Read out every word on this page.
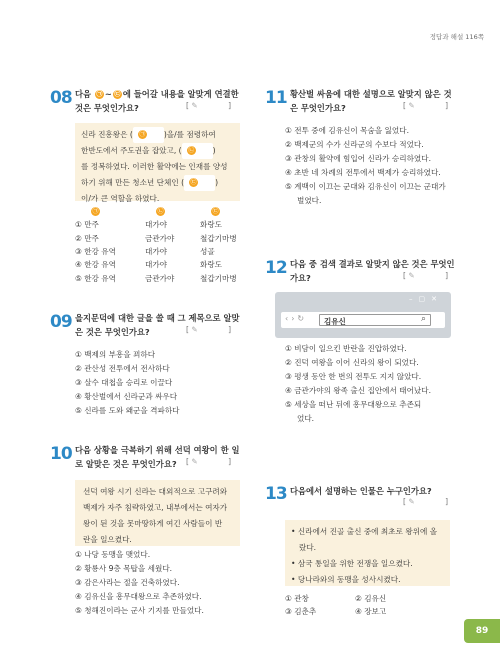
정답과 해설 116쪽
08 다음 ㉠ ~ ㉢ 에 들어갈 내용을 알맞게 연결한
것은 무엇인가요?	[ ✎	]
신라 진흥왕은 ( ㉠ )을/를 점령하여
한반도에서 주도권을 잡았고, ( ㉡ )
를 정복하였다. 이러한 활약에는 인재를 양성
하기 위해 만든 청소년 단체인 ( ㉢ )
이/가 큰 역할을 하였다.
㉠	㉡	㉢
① 만주	대가야	화랑도
② 만주	금관가야	철갑기마병
③ 한강 유역	대가야	성골
④ 한강 유역	대가야	화랑도
⑤ 한강 유역	금관가야	철갑기마병
09 을지문덕에 대한 글을 쓸 때 그 제목으로 알맞
은 것은 무엇인가요?	[ ✎	]
① 백제의 부흥을 꾀하다
② 관산성 전투에서 전사하다
③ 살수 대첩을 승리로 이끌다
④ 황산벌에서 신라군과 싸우다
⑤ 신라를 도와 왜군을 격파하다
10 다음 상황을 극복하기 위해 선덕 여왕이 한 일
로 알맞은 것은 무엇인가요?	[ ✎	]
선덕 여왕 시기 신라는 대외적으로 고구려와
백제가 자주 침략하였고, 내부에서는 여자가
왕이 된 것을 못마땅하게 여긴 사람들이 반
란을 일으켰다.
① 나당 동맹을 맺었다.
② 황룡사 9층 목탑을 세웠다.
③ 감은사라는 절을 건축하였다.
④ 김유신을 흥무대왕으로 추존하였다.
⑤ 청해진이라는 군사 기지를 만들었다.
11 황산벌 싸움에 대한 설명으로 알맞지 않은 것
은 무엇인가요?	[ ✎	]
① 전투 중에 김유신이 목숨을 잃었다.
② 백제군의 수가 신라군의 수보다 적었다.
③ 관창의 활약에 힘입어 신라가 승리하였다.
④ 초반 네 차례의 전투에서 백제가 승리하였다.
⑤ 계백이 이끄는 군대와 김유신이 이끄는 군대가
벌였다.
12 다음 중 검색 결과로 알맞지 않은 것은 무엇인
가요?	[ ✎	]
–▢✕
‹›↻ 김유신	⌕
① 비담이 일으킨 반란을 진압하였다.
② 진덕 여왕을 이어 신라의 왕이 되었다.
③ 평생 동안 한 번의 전투도 지지 않았다.
④ 금관가야의 왕족 출신 집안에서 태어났다.
⑤ 세상을 떠난 뒤에 흥무대왕으로 추존되
었다.
13 다음에서 설명하는 인물은 누구인가요?
[ ✎	]
• 신라에서 진골 출신 중에 최초로 왕위에 올
랐다.
• 삼국 통일을 위한 전쟁을 일으켰다.
• 당나라와의 동맹을 성사시켰다.
① 관창	② 김유신
③ 김춘추	④ 장보고
89
